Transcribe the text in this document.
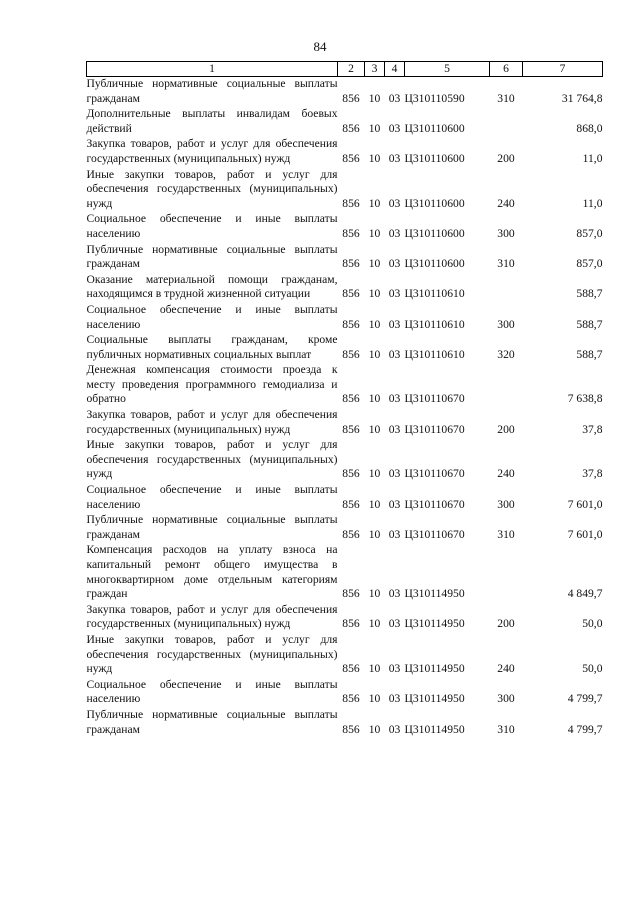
84
1	2	3	4	5	6	7
Публичные нормативные социальные выплаты гражданам	856	10	03	Ц310110590	310	31 764,8
Дополнительные выплаты инвалидам боевых действий	856	10	03	Ц310110600		868,0
Закупка товаров, работ и услуг для обеспечения государственных (муниципальных) нужд	856	10	03	Ц310110600	200	11,0
Иные закупки товаров, работ и услуг для обеспечения государственных (муниципальных) нужд	856	10	03	Ц310110600	240	11,0
Социальное обеспечение и иные выплаты населению	856	10	03	Ц310110600	300	857,0
Публичные нормативные социальные выплаты гражданам	856	10	03	Ц310110600	310	857,0
Оказание материальной помощи гражданам, находящимся в трудной жизненной ситуации	856	10	03	Ц310110610		588,7
Социальное обеспечение и иные выплаты населению	856	10	03	Ц310110610	300	588,7
Социальные выплаты гражданам, кроме публичных нормативных социальных выплат	856	10	03	Ц310110610	320	588,7
Денежная компенсация стоимости проезда к месту проведения программного гемодиализа и обратно	856	10	03	Ц310110670		7 638,8
Закупка товаров, работ и услуг для обеспечения государственных (муниципальных) нужд	856	10	03	Ц310110670	200	37,8
Иные закупки товаров, работ и услуг для обеспечения государственных (муниципальных) нужд	856	10	03	Ц310110670	240	37,8
Социальное обеспечение и иные выплаты населению	856	10	03	Ц310110670	300	7 601,0
Публичные нормативные социальные выплаты гражданам	856	10	03	Ц310110670	310	7 601,0
Компенсация расходов на уплату взноса на капитальный ремонт общего имущества в многоквартирном доме отдельным категориям граждан	856	10	03	Ц310114950		4 849,7
Закупка товаров, работ и услуг для обеспечения государственных (муниципальных) нужд	856	10	03	Ц310114950	200	50,0
Иные закупки товаров, работ и услуг для обеспечения государственных (муниципальных) нужд	856	10	03	Ц310114950	240	50,0
Социальное обеспечение и иные выплаты населению	856	10	03	Ц310114950	300	4 799,7
Публичные нормативные социальные выплаты гражданам	856	10	03	Ц310114950	310	4 799,7
